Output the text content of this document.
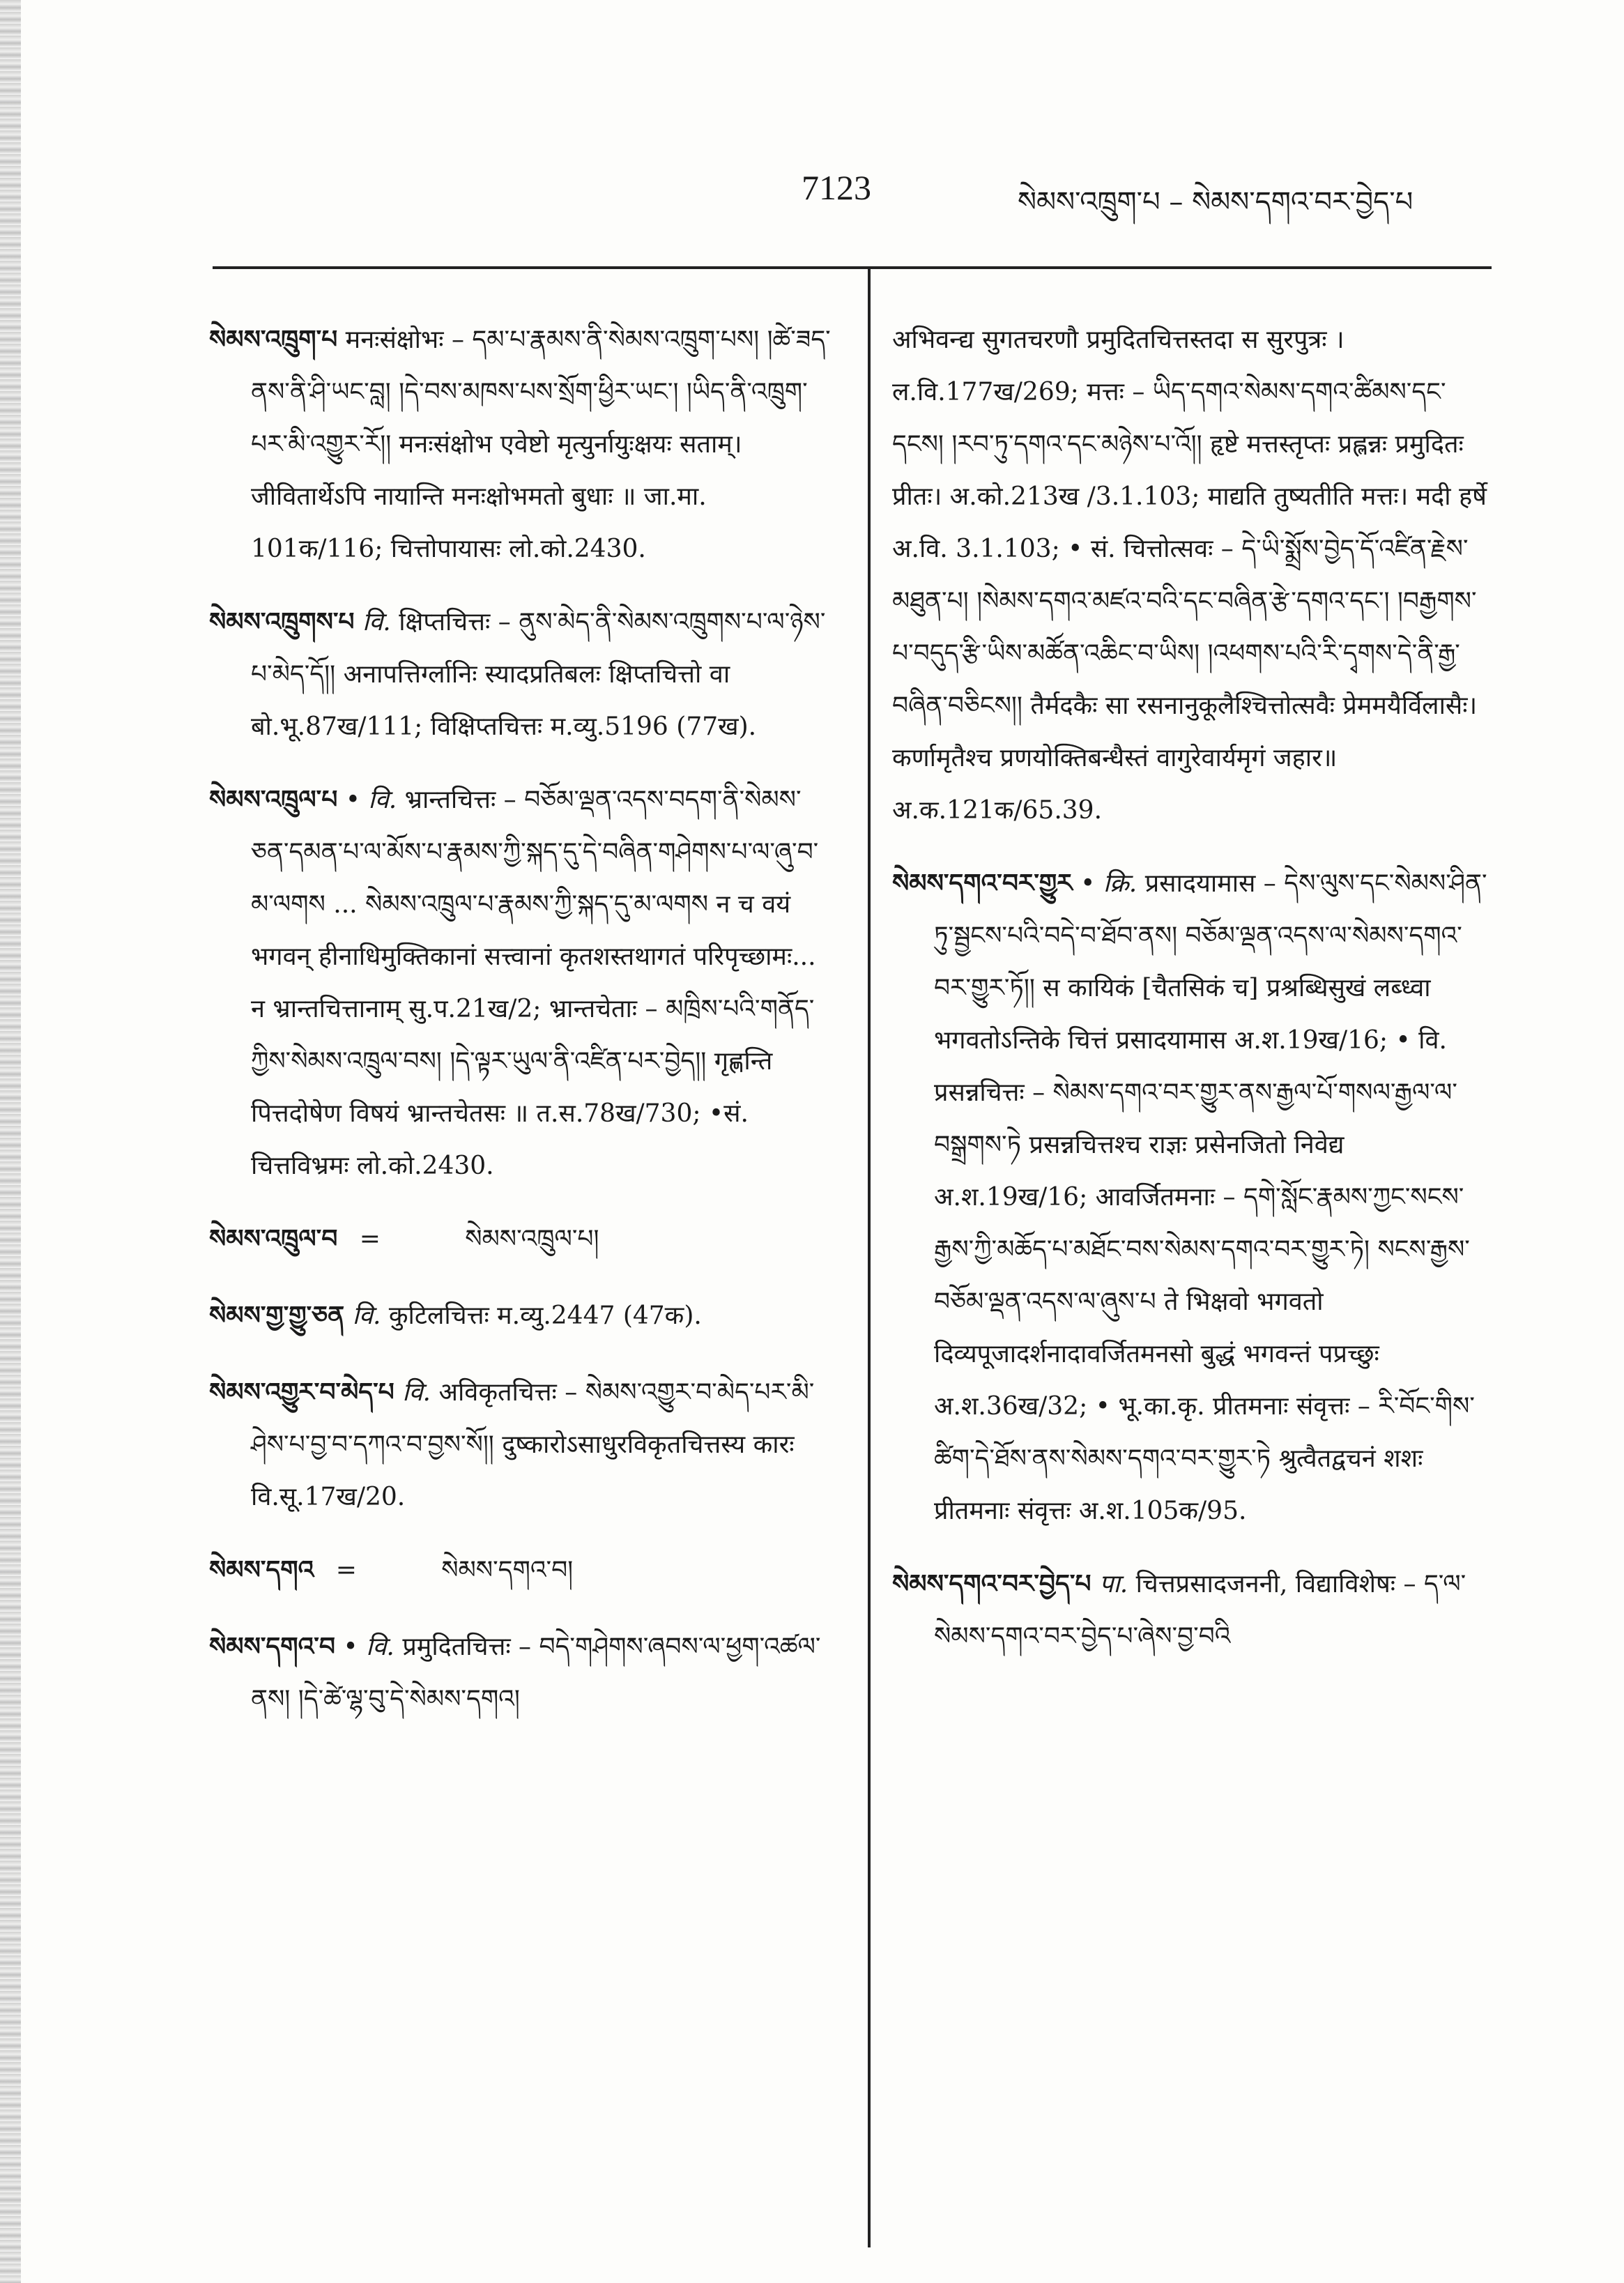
7123	སེམས་འཁྲུག་པ – སེམས་དགའ་བར་བྱེད་པ

སེམས་འཁྲུག་པ मनःसंक्षोभः – དམ་པ་རྣམས་ནི་སེམས་འཁྲུག་པས། །ཚེ་ཟད་ནས་ནི་ཤི་ཡང་བླ། །དེ་བས་མཁས་པས་སྲོག་ཕྱིར་ཡང་། །ཡིད་ནི་འཁྲུག་པར་མི་འགྱུར་རོ།། मनःसंक्षोभ एवेष्टो मृत्युर्नायुःक्षयः सताम्। जीवितार्थेऽपि नायान्ति मनःक्षोभमतो बुधाः ॥ जा.मा. 101क/116; चित्तोपायासः लो.को.2430.

སེམས་འཁྲུགས་པ वि. क्षिप्तचित्तः – ནུས་མེད་ནི་སེམས་འཁྲུགས་པ་ལ་ཉེས་པ་མེད་དོ།། अनापत्तिर्ग्लानिः स्यादप्रतिबलः क्षिप्तचित्तो वा बो.भू.87ख/111; विक्षिप्तचित्तः म.व्यु.5196 (77ख).

སེམས་འཁྲུལ་པ • वि. भ्रान्तचित्तः – བཅོམ་ལྡན་འདས་བདག་ནི་སེམས་ཅན་དམན་པ་ལ་མོས་པ་རྣམས་ཀྱི་སྐད་དུ་དེ་བཞིན་གཤེགས་པ་ལ་ཞུ་བ་མ་ལགས ... སེམས་འཁྲུལ་པ་རྣམས་ཀྱི་སྐད་དུ་མ་ལགས न च वयं भगवन् हीनाधिमुक्तिकानां सत्त्वानां कृतशस्तथागतं परिपृच्छामः... न भ्रान्तचित्तानाम् सु.प.21ख/2; भ्रान्तचेताः – མཁྲིས་པའི་གནོད་ཀྱིས་སེམས་འཁྲུལ་བས། །དེ་ལྟར་ཡུལ་ནི་འཛིན་པར་བྱེད།། गृह्णन्ति पित्तदोषेण विषयं भ्रान्तचेतसः ॥ त.स.78ख/730; •सं. चित्तविभ्रमः लो.को.2430.

སེམས་འཁྲུལ་བ =	སེམས་འཁྲུལ་པ།

སེམས་གྱ་གྱུ་ཅན वि. कुटिलचित्तः म.व्यु.2447 (47क).

སེམས་འགྱུར་བ་མེད་པ वि. अविकृतचित्तः – སེམས་འགྱུར་བ་མེད་པར་མི་ཤེས་པ་བྱ་བ་དཀའ་བ་བྱས་སོ།། दुष्कारोऽसाधुरविकृतचित्तस्य कारः वि.सू.17ख/20.

སེམས་དགའ =	སེམས་དགའ་བ།

སེམས་དགའ་བ • वि. प्रमुदितचित्तः – བདེ་གཤེགས་ཞབས་ལ་ཕྱག་འཚལ་ནས། །དེ་ཚེ་ལྷ་བུ་དེ་སེམས་དགའ།

अभिवन्द्य सुगतचरणौ प्रमुदितचित्तस्तदा स सुरपुत्रः । ल.वि.177ख/269; मत्तः – ཡིད་དགའ་སེམས་དགའ་ཚིམས་དང་དངས། །རབ་ཏུ་དགའ་དང་མཉེས་པ་འོ།། हृष्टे मत्तस्तृप्तः प्रह्लन्नः प्रमुदितः प्रीतः। अ.को.213ख /3.1.103; माद्यति तुष्यतीति मत्तः। मदी हर्षे अ.वि. 3.1.103; • सं. चित्तोत्सवः – དེ་ཡི་སྨྲོས་བྱེད་དོ་འཛིན་རྗེས་མཐུན་པ། །སེམས་དགའ་མཛའ་བའི་དང་བཞིན་རྩེ་དགའ་དང་། །བརྒྱགས་པ་བདུད་རྩི་ཡིས་མཚོན་འཆིང་བ་ཡིས། །འཕགས་པའི་རི་དྭགས་དེ་ནི་རྒྱ་བཞིན་བཅིངས།། तैर्मदकैः सा रसनानुकूलैश्चित्तोत्सवैः प्रेममयैर्विलासैः। कर्णामृतैश्च प्रणयोक्तिबन्धैस्तं वागुरेवार्यमृगं जहार॥ अ.क.121क/65.39.

སེམས་དགའ་བར་གྱུར • क्रि. प्रसादयामास – དེས་ལུས་དང་སེམས་ཤིན་ཏུ་སྦྱངས་པའི་བདེ་བ་ཐོབ་ནས། བཅོམ་ལྡན་འདས་ལ་སེམས་དགའ་བར་གྱུར་ཏོ།། स कायिकं [चैतसिकं च] प्रश्रब्धिसुखं लब्ध्वा भगवतोऽन्तिके चित्तं प्रसादयामास अ.श.19ख/16; • वि. प्रसन्नचित्तः – སེམས་དགའ་བར་གྱུར་ནས་རྒྱལ་པོ་གསལ་རྒྱལ་ལ་བསྒྲགས་ཏེ प्रसन्नचित्तश्च राज्ञः प्रसेनजितो निवेद्य अ.श.19ख/16; आवर्जितमनाः – དགེ་སློང་རྣམས་ཀྱང་སངས་རྒྱས་ཀྱི་མཆོད་པ་མཐོང་བས་སེམས་དགའ་བར་གྱུར་ཏེ། སངས་རྒྱས་བཅོམ་ལྡན་འདས་ལ་ཞུས་པ ते भिक्षवो भगवतो दिव्यपूजादर्शनादावर्जितमनसो बुद्धं भगवन्तं पप्रच्छुः अ.श.36ख/32; • भू.का.कृ. प्रीतमनाः संवृत्तः – རི་བོང་གིས་ཚིག་དེ་ཐོས་ནས་སེམས་དགའ་བར་གྱུར་ཏེ श्रुत्वैतद्वचनं शशः प्रीतमनाः संवृत्तः अ.श.105क/95.

སེམས་དགའ་བར་བྱེད་པ पा. चित्तप्रसादजननी, विद्याविशेषः – ད་ལ་སེམས་དགའ་བར་བྱེད་པ་ཞེས་བྱ་བའི
